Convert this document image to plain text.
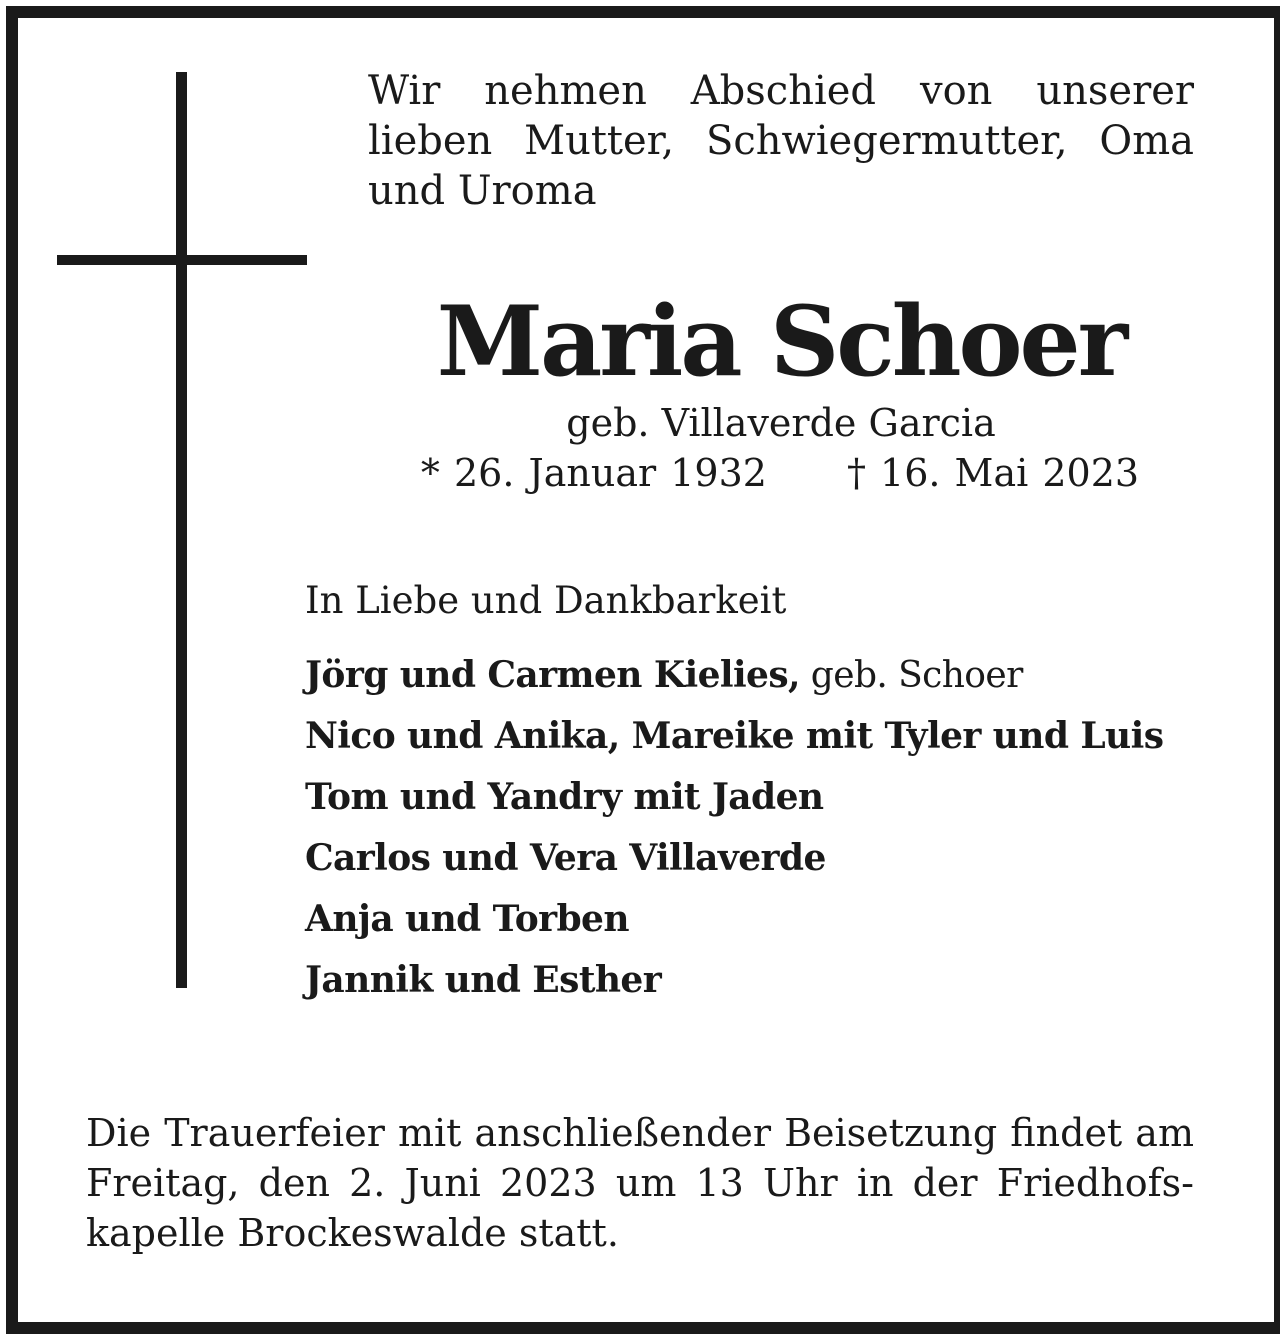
Wir nehmen Abschied von unserer lieben Mutter, Schwiegermutter, Oma und Uroma
Maria Schoer
geb. Villaverde Garcia
* 26. Januar 1932 † 16. Mai 2023
In Liebe und Dankbarkeit
Jörg und Carmen Kielies, geb. Schoer
Nico und Anika, Mareike mit Tyler und Luis
Tom und Yandry mit Jaden
Carlos und Vera Villaverde
Anja und Torben
Jannik und Esther
Die Trauerfeier mit anschließender Beisetzung findet am Freitag, den 2. Juni 2023 um 13 Uhr in der Friedhofskapelle Brockeswalde statt.
